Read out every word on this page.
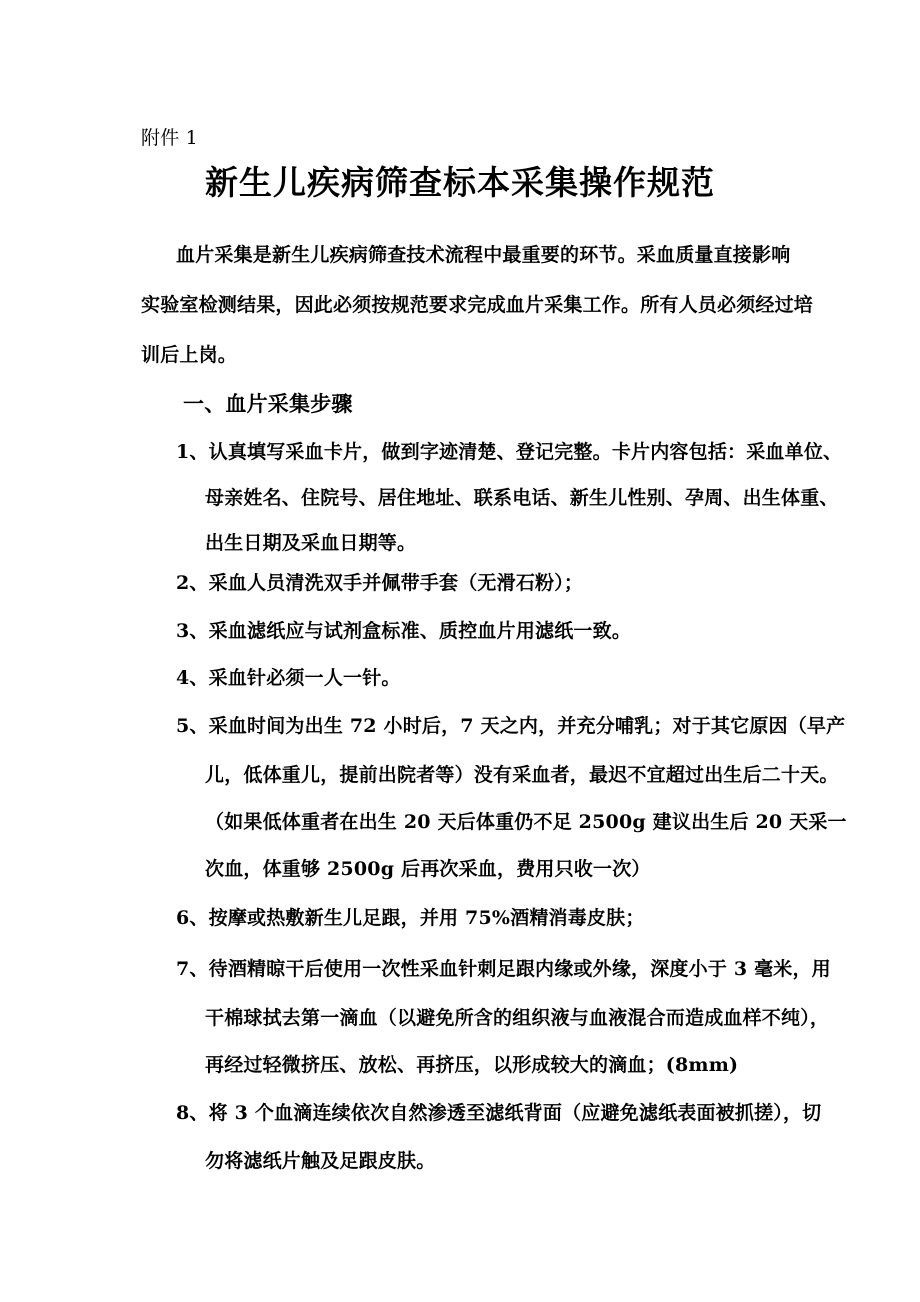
附件 1
新生儿疾病筛查标本采集操作规范
血片采集是新生儿疾病筛查技术流程中最重要的环节。采血质量直接影响
实验室检测结果，因此必须按规范要求完成血片采集工作。所有人员必须经过培
训后上岗。
一、血片采集步骤
1、认真填写采血卡片，做到字迹清楚、登记完整。卡片内容包括：采血单位、
母亲姓名、住院号、居住地址、联系电话、新生儿性别、孕周、出生体重、
出生日期及采血日期等。
2、采血人员清洗双手并佩带手套（无滑石粉）；
3、采血滤纸应与试剂盒标准、质控血片用滤纸一致。
4、采血针必须一人一针。
5、采血时间为出生 72 小时后，7 天之内，并充分哺乳；对于其它原因（早产
儿，低体重儿，提前出院者等）没有采血者，最迟不宜超过出生后二十天。
（如果低体重者在出生 20 天后体重仍不足 2500g 建议出生后 20 天采一
次血，体重够 2500g 后再次采血，费用只收一次）
6、按摩或热敷新生儿足跟，并用 75%酒精消毒皮肤；
7、待酒精晾干后使用一次性采血针刺足跟内缘或外缘，深度小于 3 毫米，用
干棉球拭去第一滴血（以避免所含的组织液与血液混合而造成血样不纯），
再经过轻微挤压、放松、再挤压，以形成较大的滴血；(8mm)
8、将 3 个血滴连续依次自然渗透至滤纸背面（应避免滤纸表面被抓搓），切
勿将滤纸片触及足跟皮肤。
